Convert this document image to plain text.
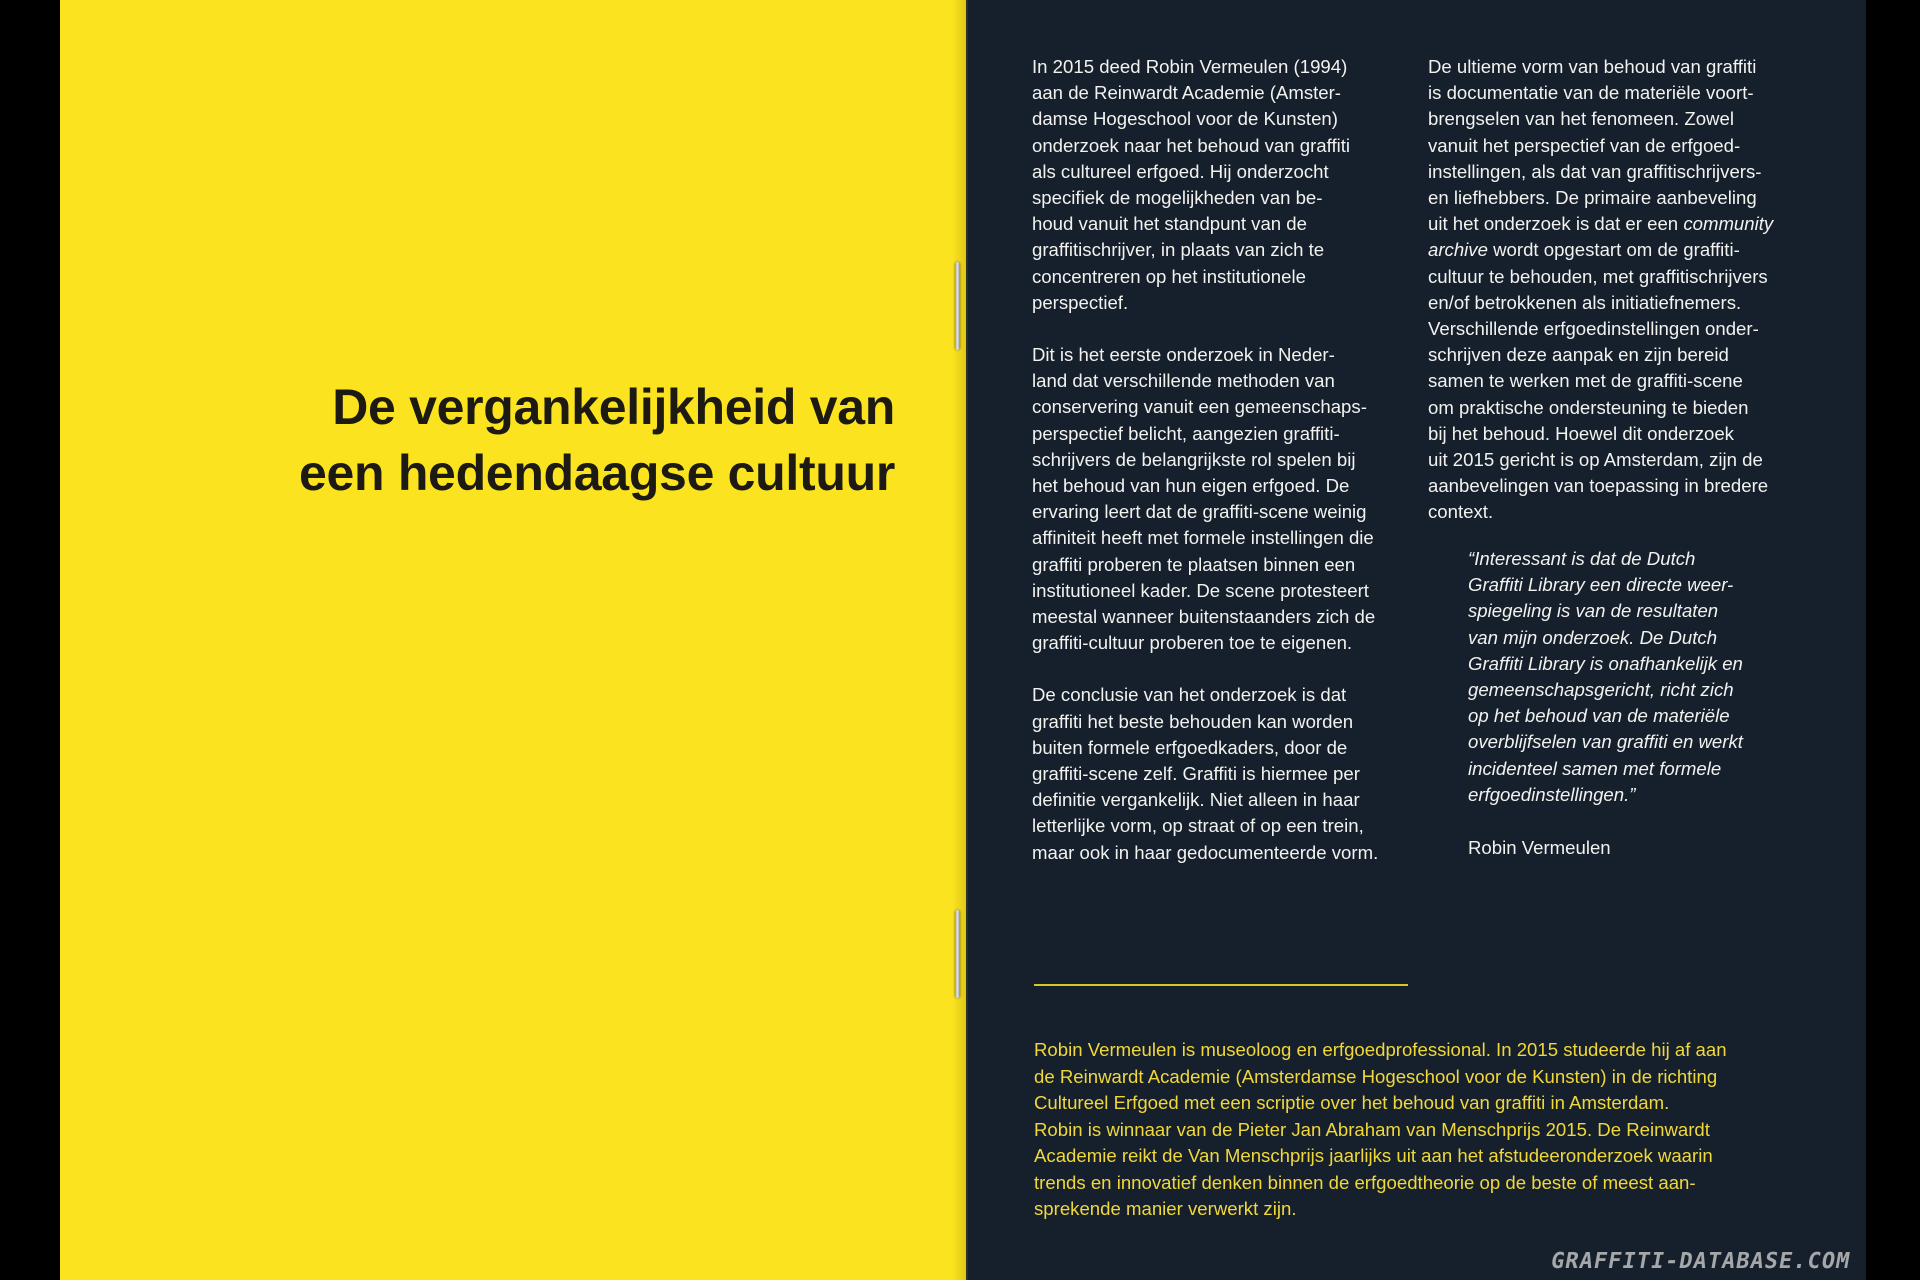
De vergankelijkheid van
een hedendaagse cultuur

In 2015 deed Robin Vermeulen (1994)
aan de Reinwardt Academie (Amster-
damse Hogeschool voor de Kunsten)
onderzoek naar het behoud van graffiti
als cultureel erfgoed. Hij onderzocht
specifiek de mogelijkheden van be-
houd vanuit het standpunt van de
graffitischrijver, in plaats van zich te
concentreren op het institutionele
perspectief.

Dit is het eerste onderzoek in Neder-
land dat verschillende methoden van
conservering vanuit een gemeenschaps-
perspectief belicht, aangezien graffiti-
schrijvers de belangrijkste rol spelen bij
het behoud van hun eigen erfgoed. De
ervaring leert dat de graffiti-scene weinig
affiniteit heeft met formele instellingen die
graffiti proberen te plaatsen binnen een
institutioneel kader. De scene protesteert
meestal wanneer buitenstaanders zich de
graffiti-cultuur proberen toe te eigenen.

De conclusie van het onderzoek is dat
graffiti het beste behouden kan worden
buiten formele erfgoedkaders, door de
graffiti-scene zelf. Graffiti is hiermee per
definitie vergankelijk. Niet alleen in haar
letterlijke vorm, op straat of op een trein,
maar ook in haar gedocumenteerde vorm.

De ultieme vorm van behoud van graffiti
is documentatie van de materiële voort-
brengselen van het fenomeen. Zowel
vanuit het perspectief van de erfgoed-
instellingen, als dat van graffitischrijvers-
en liefhebbers. De primaire aanbeveling
uit het onderzoek is dat er een community
archive wordt opgestart om de graffiti-
cultuur te behouden, met graffitischrijvers
en/of betrokkenen als initiatiefnemers.
Verschillende erfgoedinstellingen onder-
schrijven deze aanpak en zijn bereid
samen te werken met de graffiti-scene
om praktische ondersteuning te bieden
bij het behoud. Hoewel dit onderzoek
uit 2015 gericht is op Amsterdam, zijn de
aanbevelingen van toepassing in bredere
context.

“Interessant is dat de Dutch
Graffiti Library een directe weer-
spiegeling is van de resultaten
van mijn onderzoek. De Dutch
Graffiti Library is onafhankelijk en
gemeenschapsgericht, richt zich
op het behoud van de materiële
overblijfselen van graffiti en werkt
incidenteel samen met formele
erfgoedinstellingen.”

Robin Vermeulen

Robin Vermeulen is museoloog en erfgoedprofessional. In 2015 studeerde hij af aan
de Reinwardt Academie (Amsterdamse Hogeschool voor de Kunsten) in de richting
Cultureel Erfgoed met een scriptie over het behoud van graffiti in Amsterdam.
Robin is winnaar van de Pieter Jan Abraham van Menschprijs 2015. De Reinwardt
Academie reikt de Van Menschprijs jaarlijks uit aan het afstudeeronderzoek waarin
trends en innovatief denken binnen de erfgoedtheorie op de beste of meest aan-
sprekende manier verwerkt zijn.

GRAFFITI-DATABASE.COM
